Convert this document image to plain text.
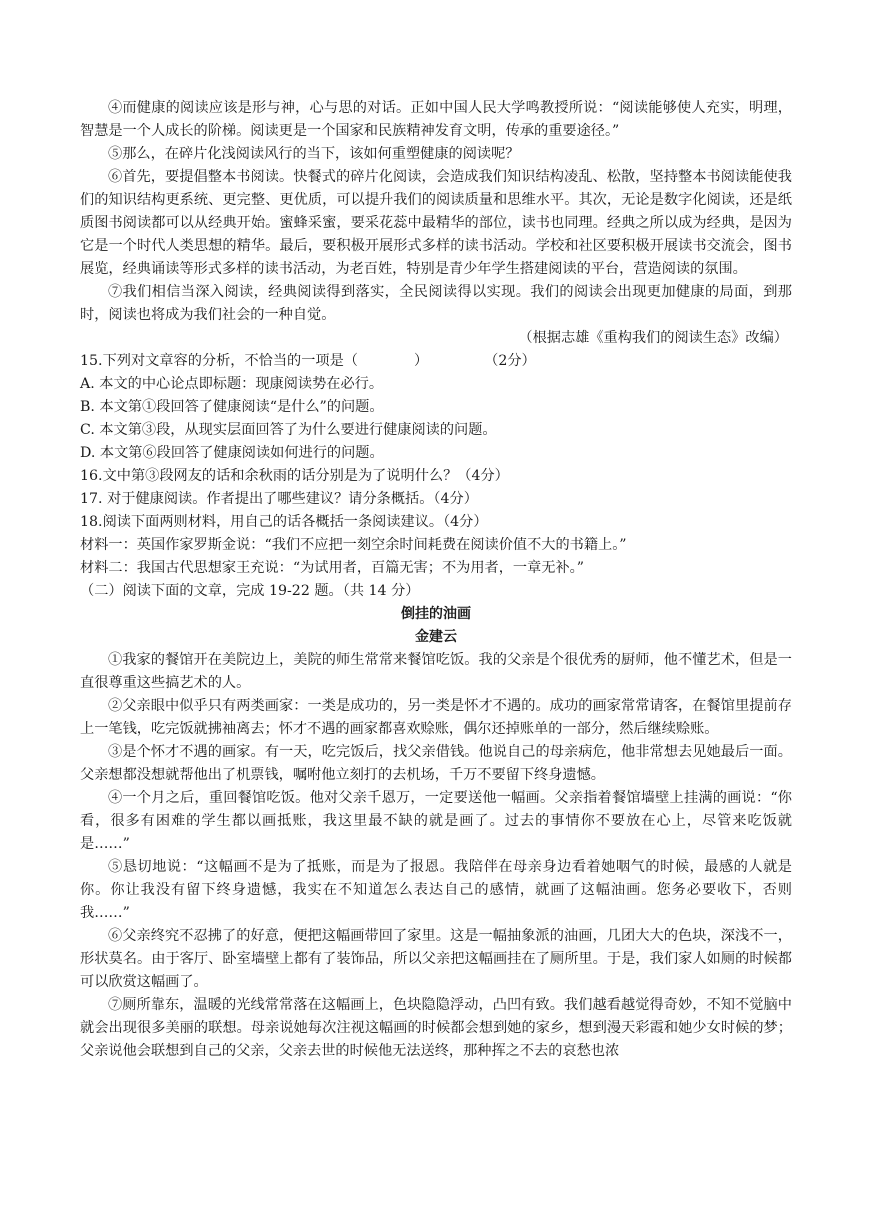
④而健康的阅读应该是形与神，心与思的对话。正如中国人民大学鸣教授所说：“阅读能够使人充实，明理，智慧是一个人成长的阶梯。阅读更是一个国家和民族精神发育文明，传承的重要途径。”

⑤那么，在碎片化浅阅读风行的当下，该如何重塑健康的阅读呢？

⑥首先，要提倡整本书阅读。快餐式的碎片化阅读，会造成我们知识结构凌乱、松散，坚持整本书阅读能使我们的知识结构更系统、更完整、更优质，可以提升我们的阅读质量和思维水平。其次，无论是数字化阅读，还是纸质图书阅读都可以从经典开始。蜜蜂采蜜，要采花蕊中最精华的部位，读书也同理。经典之所以成为经典，是因为它是一个时代人类思想的精华。最后，要积极开展形式多样的读书活动。学校和社区要积极开展读书交流会，图书展览，经典诵读等形式多样的读书活动，为老百姓，特别是青少年学生搭建阅读的平台，营造阅读的氛围。

⑦我们相信当深入阅读，经典阅读得到落实，全民阅读得以实现。我们的阅读会出现更加健康的局面，到那时，阅读也将成为我们社会的一种自觉。

（根据志雄《重构我们的阅读生态》改编）

15.下列对文章容的分析，不恰当的一项是（	）	（2分）

A. 本文的中心论点即标题：现康阅读势在必行。

B. 本文第①段回答了健康阅读“是什么”的问题。

C. 本文第③段，从现实层面回答了为什么要进行健康阅读的问题。

D. 本文第⑥段回答了健康阅读如何进行的问题。

16.文中第③段网友的话和余秋雨的话分别是为了说明什么？（4分）

17. 对于健康阅读。作者提出了哪些建议？请分条概括。（4分）

18.阅读下面两则材料，用自己的话各概括一条阅读建议。（4分）

材料一：英国作家罗斯金说：“我们不应把一刻空余时间耗费在阅读价值不大的书籍上。”

材料二：我国古代思想家王充说：“为试用者，百篇无害；不为用者，一章无补。”

（二）阅读下面的文章，完成 19-22 题。（共 14 分）

倒挂的油画

金建云

①我家的餐馆开在美院边上，美院的师生常常来餐馆吃饭。我的父亲是个很优秀的厨师，他不懂艺术，但是一直很尊重这些搞艺术的人。

②父亲眼中似乎只有两类画家：一类是成功的，另一类是怀才不遇的。成功的画家常常请客，在餐馆里提前存上一笔钱，吃完饭就拂袖离去；怀才不遇的画家都喜欢赊账，偶尔还掉账单的一部分，然后继续赊账。

③是个怀才不遇的画家。有一天，吃完饭后，找父亲借钱。他说自己的母亲病危，他非常想去见她最后一面。父亲想都没想就帮他出了机票钱，嘱咐他立刻打的去机场，千万不要留下终身遗憾。

④一个月之后，重回餐馆吃饭。他对父亲千恩万，一定要送他一幅画。父亲指着餐馆墙壁上挂满的画说：“你看，很多有困难的学生都以画抵账，我这里最不缺的就是画了。过去的事情你不要放在心上，尽管来吃饭就是……”

⑤恳切地说：“这幅画不是为了抵账，而是为了报恩。我陪伴在母亲身边看着她咽气的时候，最感的人就是你。你让我没有留下终身遗憾，我实在不知道怎么表达自己的感情，就画了这幅油画。您务必要收下，否则我……”

⑥父亲终究不忍拂了的好意，便把这幅画带回了家里。这是一幅抽象派的油画，几团大大的色块，深浅不一，形状莫名。由于客厅、卧室墙壁上都有了装饰品，所以父亲把这幅画挂在了厕所里。于是，我们家人如厕的时候都可以欣赏这幅画了。

⑦厕所靠东，温暖的光线常常落在这幅画上，色块隐隐浮动，凸凹有致。我们越看越觉得奇妙，不知不觉脑中就会出现很多美丽的联想。母亲说她每次注视这幅画的时候都会想到她的家乡，想到漫天彩霞和她少女时候的梦；父亲说他会联想到自己的父亲，父亲去世的时候他无法送终，那种挥之不去的哀愁也浓
